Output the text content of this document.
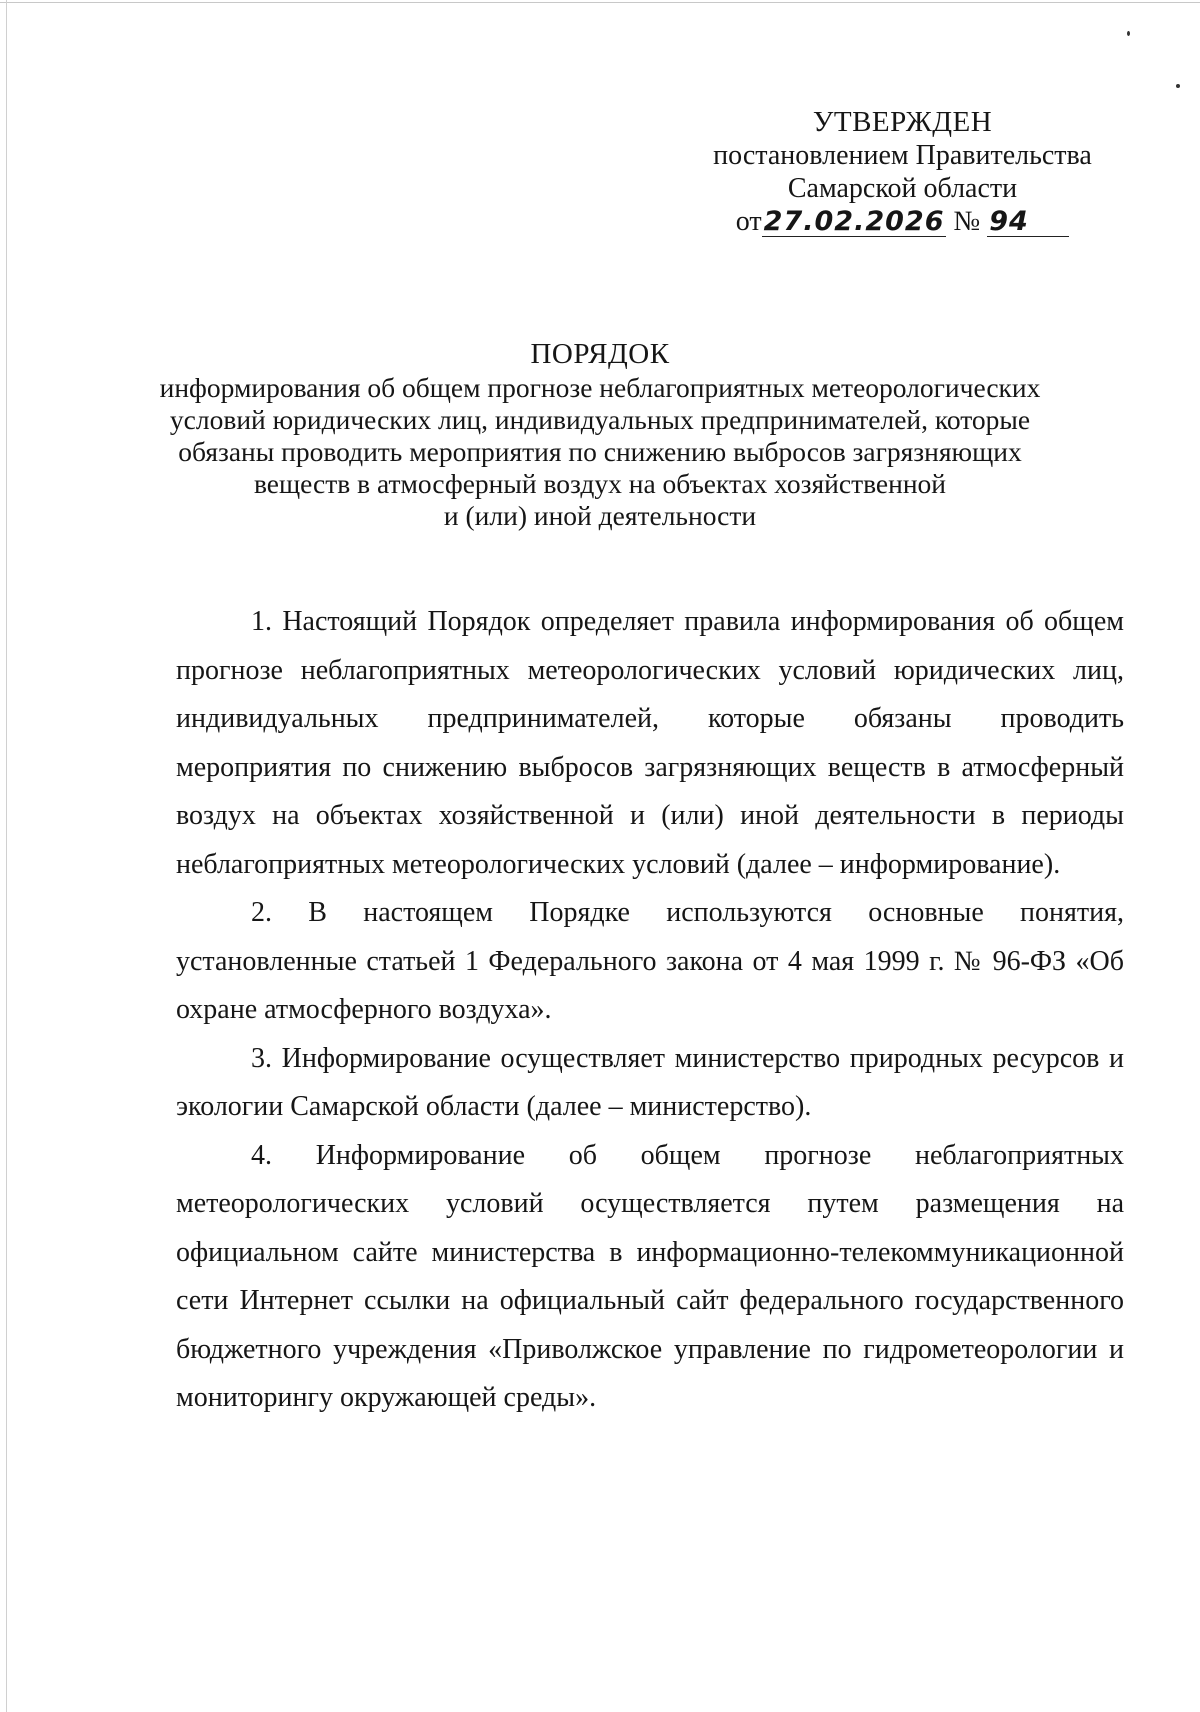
УТВЕРЖДЕН
постановлением Правительства
Самарской области
от27.02.2026 № 94
ПОРЯДОК
информирования об общем прогнозе неблагоприятных метеорологических
условий юридических лиц, индивидуальных предпринимателей, которые
обязаны проводить мероприятия по снижению выбросов загрязняющих
веществ в атмосферный воздух на объектах хозяйственной
и (или) иной деятельности
1. Настоящий Порядок определяет правила информирования об общем
прогнозе неблагоприятных метеорологических условий юридических лиц,
индивидуальных предпринимателей, которые обязаны проводить
мероприятия по снижению выбросов загрязняющих веществ в атмосферный
воздух на объектах хозяйственной и (или) иной деятельности в периоды
неблагоприятных метеорологических условий (далее – информирование).
2. В настоящем Порядке используются основные понятия,
установленные статьей 1 Федерального закона от 4 мая 1999 г. № 96-ФЗ «Об
охране атмосферного воздуха».
3. Информирование осуществляет министерство природных ресурсов и
экологии Самарской области (далее – министерство).
4. Информирование об общем прогнозе неблагоприятных
метеорологических условий осуществляется путем размещения на
официальном сайте министерства в информационно-телекоммуникационной
сети Интернет ссылки на официальный сайт федерального государственного
бюджетного учреждения «Приволжское управление по гидрометеорологии и
мониторингу окружающей среды».
